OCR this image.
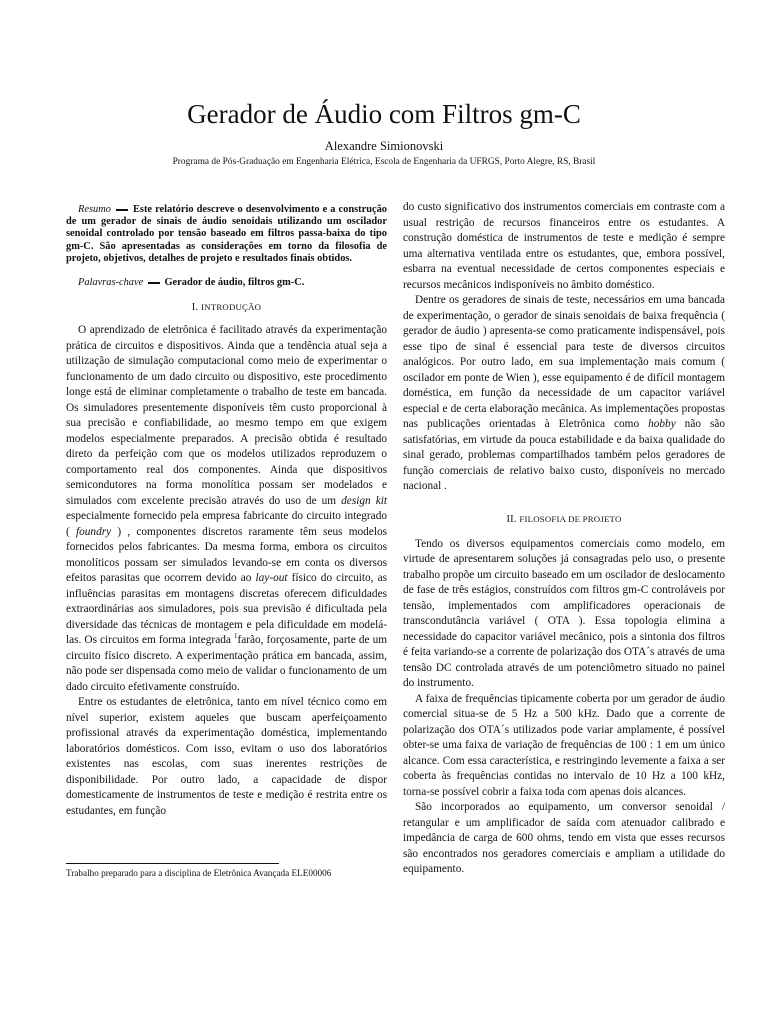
Gerador de Áudio com Filtros gm-C
Alexandre Simionovski
Programa de Pós-Graduação em Engenharia Elétrica, Escola de Engenharia da UFRGS, Porto Alegre, RS, Brasil

Resumo Este relatório descreve o desenvolvimento e a construção de um gerador de sinais de áudio senoidais utilizando um oscilador senoidal controlado por tensão baseado em filtros passa-baixa do tipo gm-C. São apresentadas as considerações em torno da filosofia de projeto, objetivos, detalhes de projeto e resultados finais obtidos.

Palavras-chave Gerador de áudio, filtros gm-C.

I. INTRODUÇÃO

O aprendizado de eletrônica é facilitado através da experimentação prática de circuitos e dispositivos. Ainda que a tendência atual seja a utilização de simulação computacional como meio de experimentar o funcionamento de um dado circuito ou dispositivo, este procedimento longe está de eliminar completamente o trabalho de teste em bancada. Os simuladores presentemente disponíveis têm custo proporcional à sua precisão e confiabilidade, ao mesmo tempo em que exigem modelos especialmente preparados. A precisão obtida é resultado direto da perfeição com que os modelos utilizados reproduzem o comportamento real dos componentes. Ainda que dispositivos semicondutores na forma monolítica possam ser modelados e simulados com excelente precisão através do uso de um design kit especialmente fornecido pela empresa fabricante do circuito integrado ( foundry ) , componentes discretos raramente têm seus modelos fornecidos pelos fabricantes. Da mesma forma, embora os circuitos monolíticos possam ser simulados levando-se em conta os diversos efeitos parasitas que ocorrem devido ao lay-out físico do circuito, as influências parasitas em montagens discretas oferecem dificuldades extraordinárias aos simuladores, pois sua previsão é dificultada pela diversidade das técnicas de montagem e pela dificuldade em modelá-las. Os circuitos em forma integrada $^1$farão, forçosamente, parte de um circuito físico discreto. A experimentação prática em bancada, assim, não pode ser dispensada como meio de validar o funcionamento de um dado circuito efetivamente construído.

Entre os estudantes de eletrônica, tanto em nível técnico como em nível superior, existem aqueles que buscam aperfeiçoamento profissional através da experimentação doméstica, implementando laboratórios domésticos. Com isso, evitam o uso dos laboratórios existentes nas escolas, com suas inerentes restrições de disponibilidade. Por outro lado, a capacidade de dispor domesticamente de instrumentos de teste e medição é restrita entre os estudantes, em função

do custo significativo dos instrumentos comerciais em contraste com a usual restrição de recursos financeiros entre os estudantes. A construção doméstica de instrumentos de teste e medição é sempre uma alternativa ventilada entre os estudantes, que, embora possível, esbarra na eventual necessidade de certos componentes especiais e recursos mecânicos indisponíveis no âmbito doméstico.

Dentre os geradores de sinais de teste, necessários em uma bancada de experimentação, o gerador de sinais senoidais de baixa frequência ( gerador de áudio ) apresenta-se como praticamente indispensável, pois esse tipo de sinal é essencial para teste de diversos circuitos analógicos. Por outro lado, em sua implementação mais comum ( oscilador em ponte de Wien ), esse equipamento é de difícil montagem doméstica, em função da necessidade de um capacitor variável especial e de certa elaboração mecânica. As implementações propostas nas publicações orientadas à Eletrônica como hobby não são satisfatórias, em virtude da pouca estabilidade e da baixa qualidade do sinal gerado, problemas compartilhados também pelos geradores de função comerciais de relativo baixo custo, disponíveis no mercado nacional .

II. FILOSOFIA DE PROJETO

Tendo os diversos equipamentos comerciais como modelo, em virtude de apresentarem soluções já consagradas pelo uso, o presente trabalho propõe um circuito baseado em um oscilador de deslocamento de fase de três estágios, construídos com filtros gm-C controláveis por tensão, implementados com amplificadores operacionais de transcondutância variável ( OTA ). Essa topologia elimina a necessidade do capacitor variável mecânico, pois a sintonia dos filtros é feita variando-se a corrente de polarização dos OTA´s através de uma tensão DC controlada através de um potenciômetro situado no painel do instrumento.

A faixa de frequências tipicamente coberta por um gerador de áudio comercial situa-se de 5 Hz a 500 kHz. Dado que a corrente de polarização dos OTA´s utilizados pode variar amplamente, é possível obter-se uma faixa de variação de frequências de 100 : 1 em um único alcance. Com essa característica, e restringindo levemente a faixa a ser coberta às frequências contidas no intervalo de 10 Hz a 100 kHz, torna-se possível cobrir a faixa toda com apenas dois alcances.

São incorporados ao equipamento, um conversor senoidal / retangular e um amplificador de saída com atenuador calibrado e impedância de carga de 600 ohms, tendo em vista que esses recursos são encontrados nos geradores comerciais e ampliam a utilidade do equipamento.

Trabalho preparado para a disciplina de Eletrônica Avançada ELE00006
